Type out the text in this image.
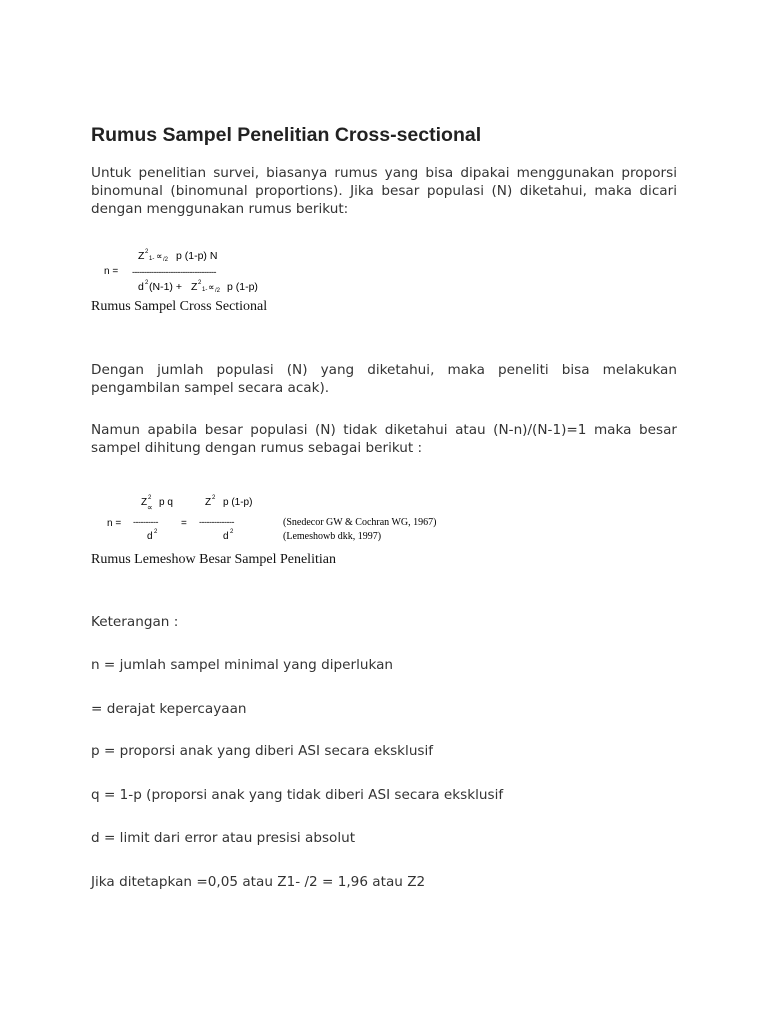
Rumus Sampel Penelitian Cross-sectional

Untuk penelitian survei, biasanya rumus yang bisa dipakai menggunakan proporsi binomunal (binomunal proportions). Jika besar populasi (N) diketahui, maka dicari dengan menggunakan rumus berikut:

n =
Z 2
1- ∝ /2 p (1-p) N
-----------------------------------
d 2 (N-1) + Z 2
1- ∝ /2 p (1-p)

Rumus Sampel Cross Sectional

Dengan jumlah populasi (N) yang diketahui, maka peneliti bisa melakukan pengambilan sampel secara acak).

Namun apabila besar populasi (N) tidak diketahui atau (N-n)/(N-1)=1 maka besar sampel dihitung dengan rumus sebagai berikut :

n =
Z 2
∝ p q
----------
d 2
=
Z 2 p (1-p)
--------------
d 2
(Snedecor GW & Cochran WG, 1967)
(Lemeshowb dkk, 1997)

Rumus Lemeshow Besar Sampel Penelitian

Keterangan :

n = jumlah sampel minimal yang diperlukan

= derajat kepercayaan

p = proporsi anak yang diberi ASI secara eksklusif

q = 1-p (proporsi anak yang tidak diberi ASI secara eksklusif

d = limit dari error atau presisi absolut

Jika ditetapkan =0,05 atau Z1- /2 = 1,96 atau Z2
